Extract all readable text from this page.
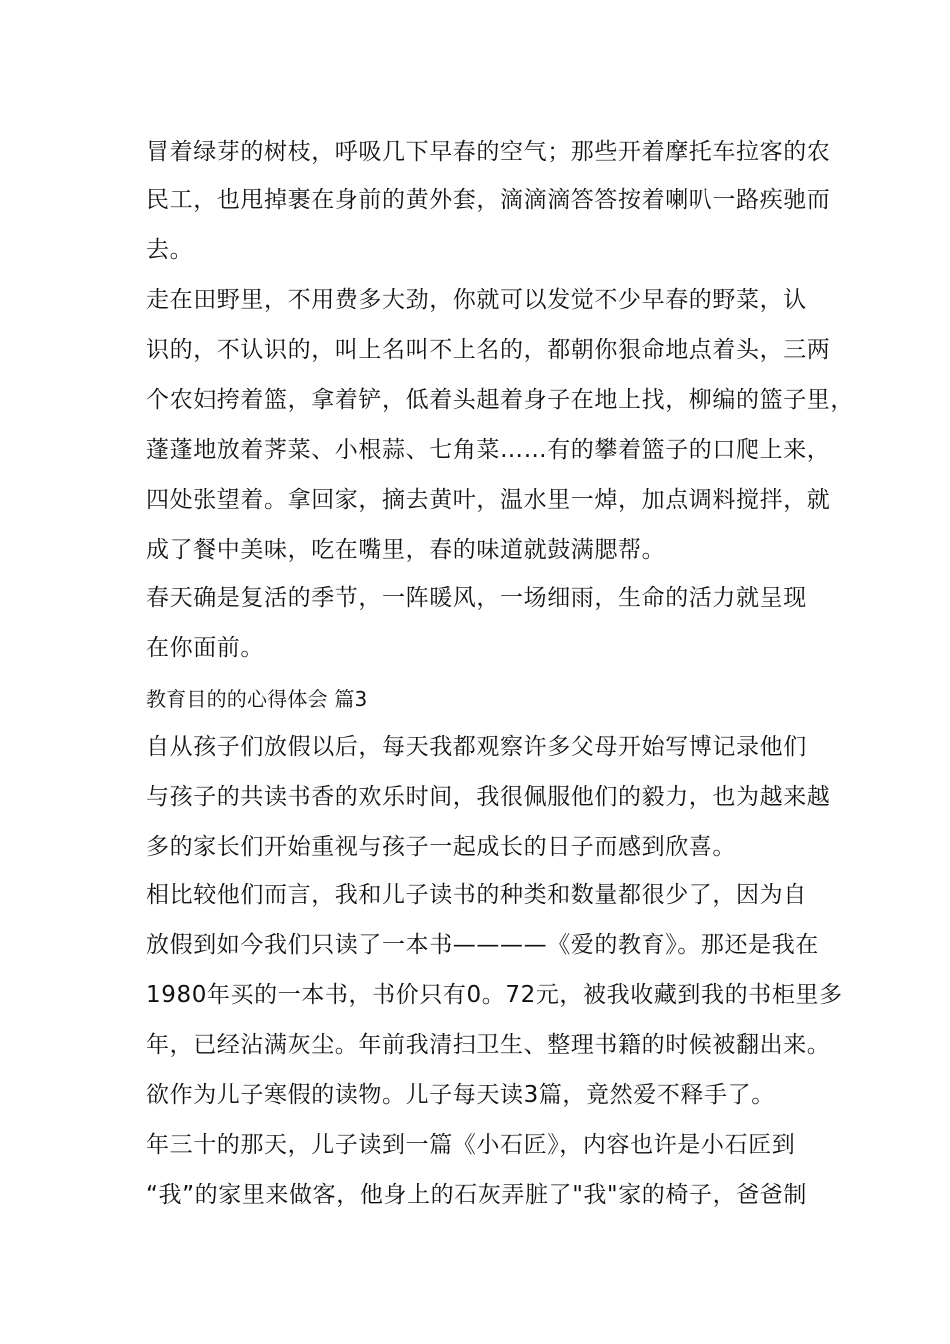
冒着绿芽的树枝，呼吸几下早春的空气；那些开着摩托车拉客的农
民工，也甩掉裹在身前的黄外套，滴滴滴答答按着喇叭一路疾驰而
去。
走在田野里，不用费多大劲，你就可以发觉不少早春的野菜，认
识的，不认识的，叫上名叫不上名的，都朝你狠命地点着头，三两
个农妇挎着篮，拿着铲，低着头趄着身子在地上找，柳编的篮子里，
蓬蓬地放着荠菜、小根蒜、七角菜……有的攀着篮子的口爬上来，
四处张望着。拿回家，摘去黄叶，温水里一焯，加点调料搅拌，就
成了餐中美味，吃在嘴里，春的味道就鼓满腮帮。
春天确是复活的季节，一阵暖风，一场细雨，生命的活力就呈现
在你面前。
教育目的的心得体会 篇3
自从孩子们放假以后，每天我都观察许多父母开始写博记录他们
与孩子的共读书香的欢乐时间，我很佩服他们的毅力，也为越来越
多的家长们开始重视与孩子一起成长的日子而感到欣喜。
相比较他们而言，我和儿子读书的种类和数量都很少了，因为自
放假到如今我们只读了一本书————《爱的教育》。那还是我在
1980年买的一本书，书价只有0。72元，被我收藏到我的书柜里多
年，已经沾满灰尘。年前我清扫卫生、整理书籍的时候被翻出来。
欲作为儿子寒假的读物。儿子每天读3篇，竟然爱不释手了。
年三十的那天，儿子读到一篇《小石匠》，内容也许是小石匠到
“我”的家里来做客，他身上的石灰弄脏了"我"家的椅子，爸爸制
